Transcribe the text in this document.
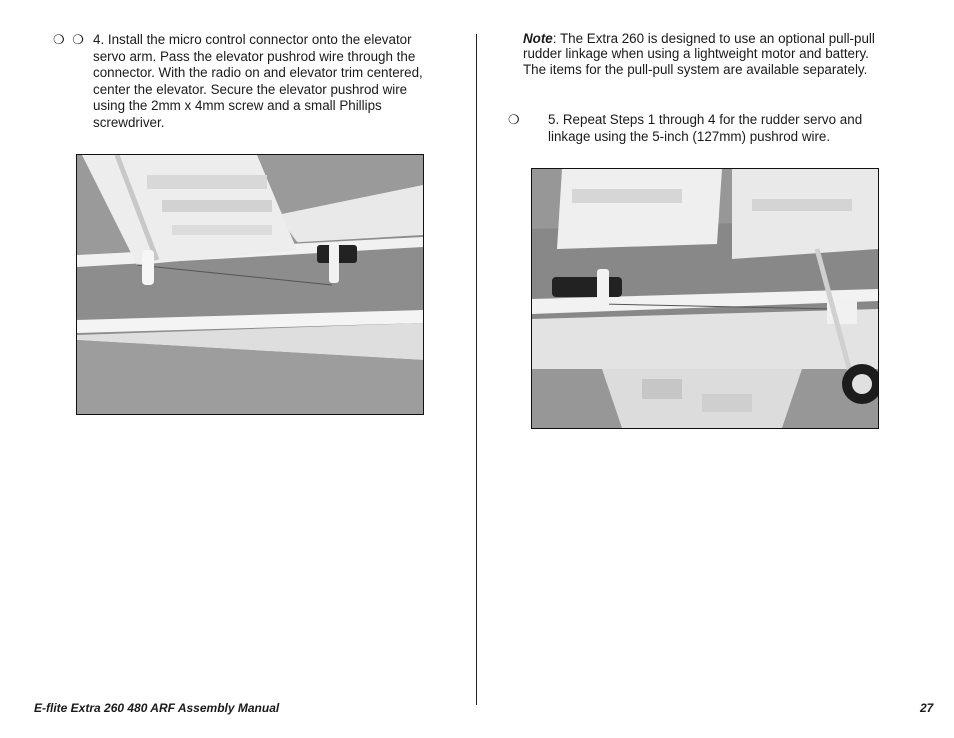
❍ ❍ 4. Install the micro control connector onto the elevator servo arm. Pass the elevator pushrod wire through the connector. With the radio on and elevator trim centered, center the elevator. Secure the elevator pushrod wire using the 2mm x 4mm screw and a small Phillips screwdriver.
Note: The Extra 260 is designed to use an optional pull-pull rudder linkage when using a lightweight motor and battery. The items for the pull-pull system are available separately.
❍ 5. Repeat Steps 1 through 4 for the rudder servo and linkage using the 5-inch (127mm) pushrod wire.
E-flite Extra 260 480 ARF Assembly Manual	27
